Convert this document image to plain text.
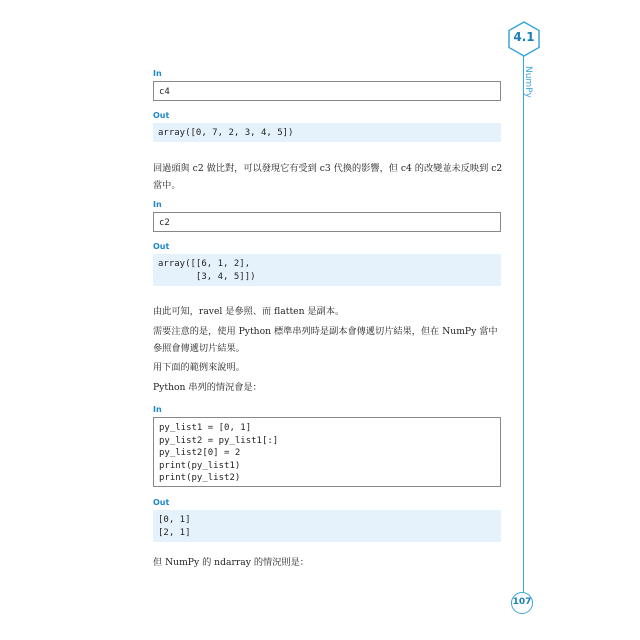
4.1
NumPy
107
In
c4
Out
array([0, 7, 2, 3, 4, 5])
回過頭與 c2 做比對，可以發現它有受到 c3 代換的影響，但 c4 的改變並未反映到 c2 當中。
In
c2
Out
array([[6, 1, 2],
[3, 4, 5]])
由此可知，ravel 是參照、而 flatten 是副本。
需要注意的是，使用 Python 標準串列時是副本會傳遞切片結果，但在 NumPy 當中參照會傳遞切片結果。
用下面的範例來說明。
Python 串列的情況會是：
In
py_list1 = [0, 1]
py_list2 = py_list1[:]
py_list2[0] = 2
print(py_list1)
print(py_list2)
Out
[0, 1]
[2, 1]
但 NumPy 的 ndarray 的情況則是：
